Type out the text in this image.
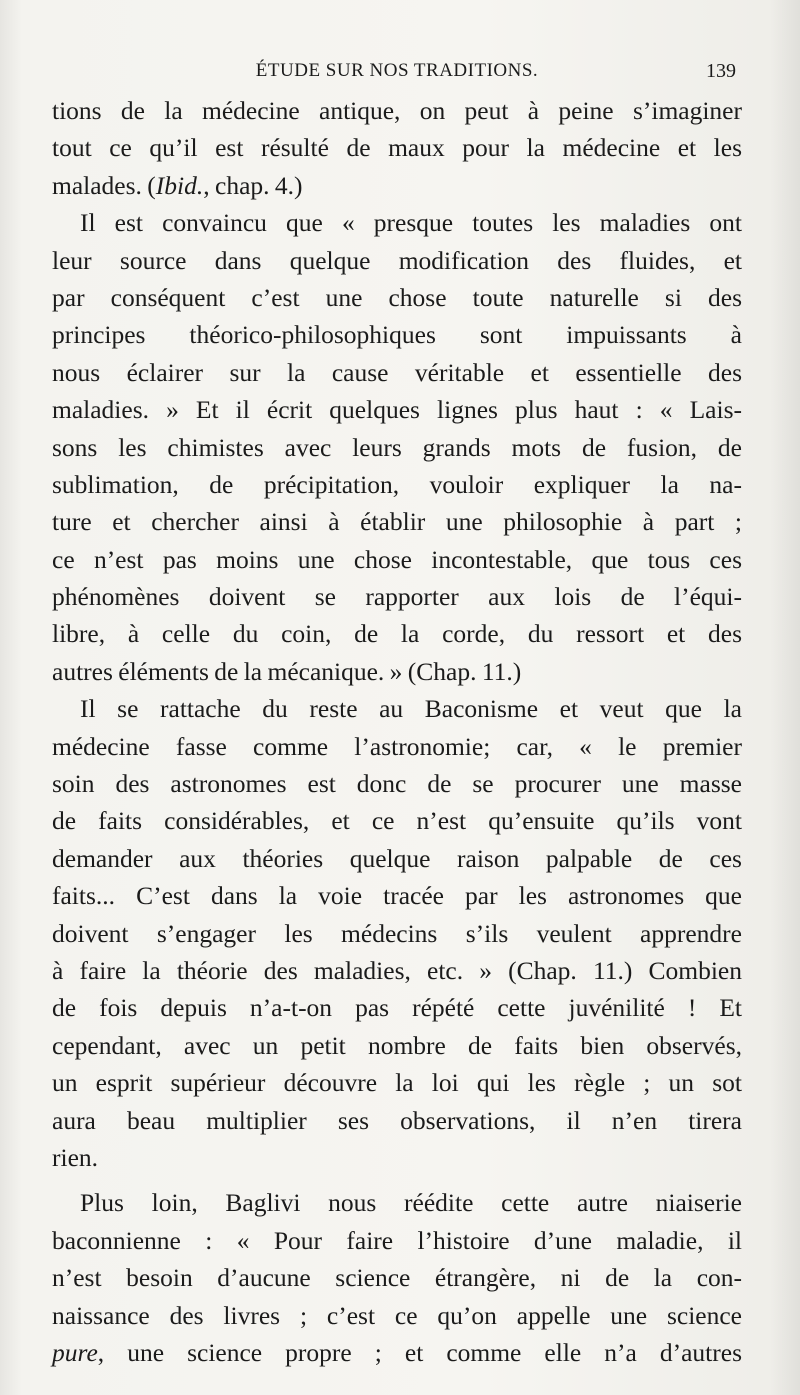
ÉTUDE SUR NOS TRADITIONS.	139
tions de la médecine antique, on peut à peine s’imaginer
tout ce qu’il est résulté de maux pour la médecine et les
malades. (Ibid., chap. 4.)
Il est convaincu que « presque toutes les maladies ont
leur source dans quelque modification des fluides, et
par conséquent c’est une chose toute naturelle si des
principes théorico-philosophiques sont impuissants à
nous éclairer sur la cause véritable et essentielle des
maladies. » Et il écrit quelques lignes plus haut : « Lais-
sons les chimistes avec leurs grands mots de fusion, de
sublimation, de précipitation, vouloir expliquer la na-
ture et chercher ainsi à établir une philosophie à part ;
ce n’est pas moins une chose incontestable, que tous ces
phénomènes doivent se rapporter aux lois de l’équi-
libre, à celle du coin, de la corde, du ressort et des
autres éléments de la mécanique. » (Chap. 11.)
Il se rattache du reste au Baconisme et veut que la
médecine fasse comme l’astronomie; car, « le premier
soin des astronomes est donc de se procurer une masse
de faits considérables, et ce n’est qu’ensuite qu’ils vont
demander aux théories quelque raison palpable de ces
faits... C’est dans la voie tracée par les astronomes que
doivent s’engager les médecins s’ils veulent apprendre
à faire la théorie des maladies, etc. » (Chap. 11.) Combien
de fois depuis n’a-t-on pas répété cette juvénilité ! Et
cependant, avec un petit nombre de faits bien observés,
un esprit supérieur découvre la loi qui les règle ; un sot
aura beau multiplier ses observations, il n’en tirera
rien.
Plus loin, Baglivi nous réédite cette autre niaiserie
baconnienne : « Pour faire l’histoire d’une maladie, il
n’est besoin d’aucune science étrangère, ni de la con-
naissance des livres ; c’est ce qu’on appelle une science
pure, une science propre ; et comme elle n’a d’autres
